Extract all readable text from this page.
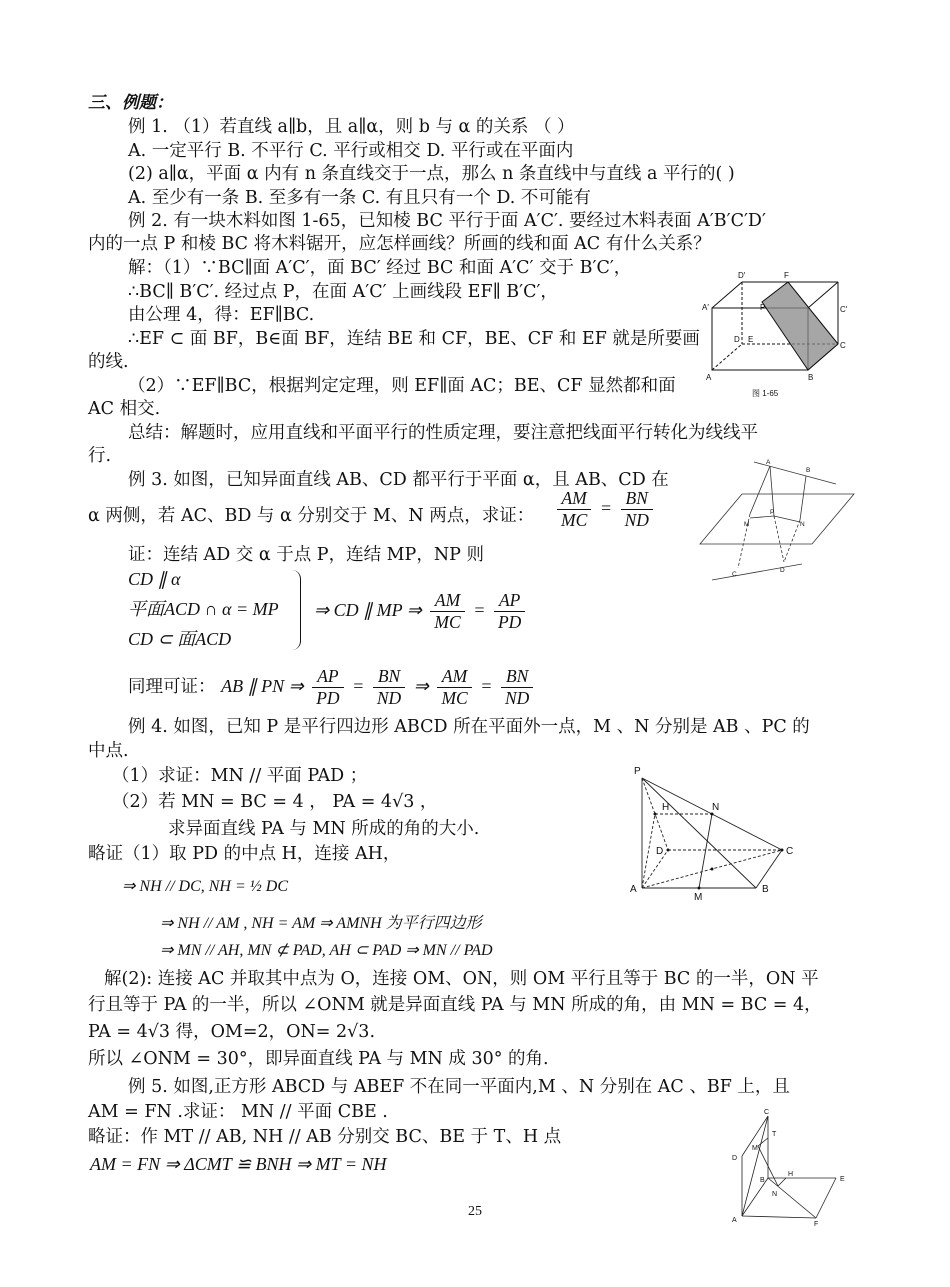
三、例题：
例 1. （1）若直线 a∥b，且 a∥α，则 b 与 α 的关系 （ ）
A. 一定平行 B. 不平行 C. 平行或相交 D. 平行或在平面内
(2) a∥α，平面 α 内有 n 条直线交于一点，那么 n 条直线中与直线 a 平行的( )
A. 至少有一条 B. 至多有一条 C. 有且只有一个 D. 不可能有
例 2. 有一块木料如图 1-65，已知棱 BC 平行于面 A′C′. 要经过木料表面 A′B′C′D′
内的一点 P 和棱 BC 将木料锯开，应怎样画线？所画的线和面 AC 有什么关系？
解：（1）∵BC∥面 A′C′，面 BC′ 经过 BC 和面 A′C′ 交于 B′C′，
∴BC∥ B′C′. 经过点 P，在面 A′C′ 上画线段 EF∥ B′C′，
由公理 4，得：EF∥BC.
∴EF ⊂ 面 BF，B∈面 BF，连结 BE 和 CF，BE、CF 和 EF 就是所要画
的线.
（2）∵EF∥BC，根据判定定理，则 EF∥面 AC；BE、CF 显然都和面
AC 相交.
总结：解题时，应用直线和平面平行的性质定理，要注意把线面平行转化为线线平
行.
D′	F
A′	P	C′
D E
C
A	B
图 1-65
例 3. 如图，已知异面直线 AB、CD 都平行于平面 α，且 AB、CD 在
α 两侧，若 AC、BD 与 α 分别交于 M、N 两点，求证： $\frac{AM}{MC} = \frac{BN}{ND}$
证：连结 AD 交 α 于点 P，连结 MP，NP 则
CD ∥ α
平面ACD ∩ α = MP
CD ⊂ 面ACD
⇒ CD ∥ MP ⇒ $\frac{AM}{MC} = \frac{AP}{PD}$
同理可证： AB ∥ PN ⇒ $\frac{AP}{PD} = \frac{BN}{ND}$ ⇒ $\frac{AM}{MC} = \frac{BN}{ND}$
A
B
M
P
N
C
D
例 4. 如图，已知 P 是平行四边形 ABCD 所在平面外一点，M 、N 分别是 AB 、PC 的
中点.
（1）求证：MN // 平面 PAD ；
（2）若 MN = BC = 4 ， PA = 4√3 ，
求异面直线 PA 与 MN 所成的角的大小.
略证（1）取 PD 的中点 H，连接 AH，
⇒ NH // DC, NH = ½ DC
⇒ NH // AM , NH = AM ⇒ AMNH 为平行四边形
⇒ MN // AH, MN ⊄ PAD, AH ⊂ PAD ⇒ MN // PAD
解(2): 连接 AC 并取其中点为 O，连接 OM、ON，则 OM 平行且等于 BC 的一半，ON 平
行且等于 PA 的一半，所以 ∠ONM 就是异面直线 PA 与 MN 所成的角，由 MN = BC = 4，
PA = 4√3 得，OM=2，ON= 2√3.
所以 ∠ONM = 30°，即异面直线 PA 与 MN 成 30° 的角.
P
H	N
D	C
A
M
B
例 5. 如图,正方形 ABCD 与 ABEF 不在同一平面内,M 、N 分别在 AC 、BF 上，且
AM = FN .求证： MN // 平面 CBE .
略证：作 MT // AB, NH // AB 分别交 BC、BE 于 T、H 点
AM = FN ⇒ ΔCMT ≌ BNH ⇒ MT = NH
C
T
M
D
B
H
E
N
A
F
25
